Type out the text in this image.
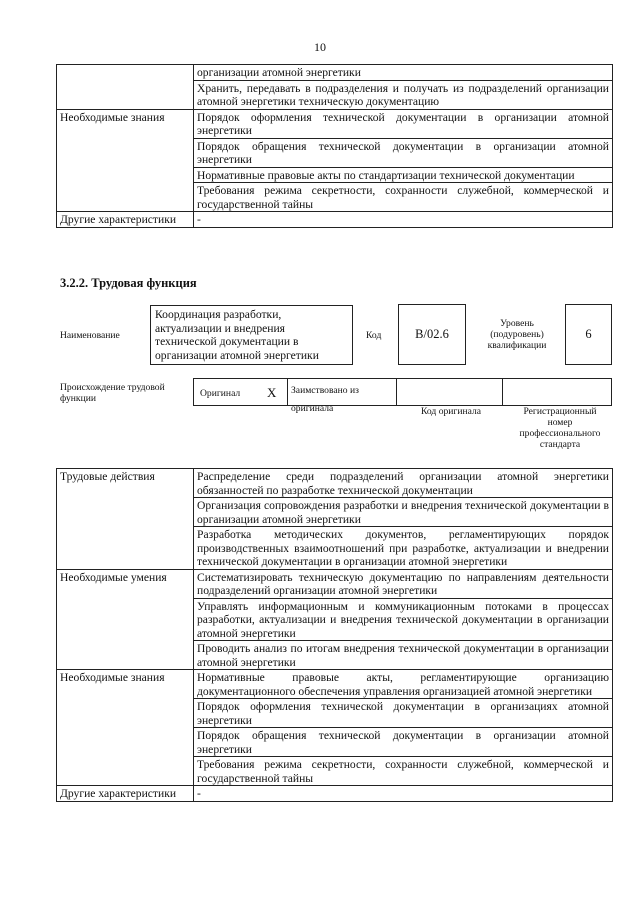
10
	организации атомной энергетики
	Хранить, передавать в подразделения и получать из подразделений организации атомной энергетики техническую документацию
Необходимые знания	Порядок оформления технической документации в организации атомной энергетики
	Порядок обращения технической документации в организации атомной энергетики
	Нормативные правовые акты по стандартизации технической документации
	Требования режима секретности, сохранности служебной, коммерческой и государственной тайны
Другие характеристики	-
3.2.2. Трудовая функция
Наименование
Координация разработки, актуализации и внедрения технической документации в организации атомной энергетики
Код	B/02.6
Уровень (подуровень) квалификации
6
Происхождение трудовой функции	Оригинал X	Заимствовано из оригинала	Код оригинала	Регистрационный номер профессионального стандарта
Трудовые действия	Распределение среди подразделений организации атомной энергетики обязанностей по разработке технической документации
	Организация сопровождения разработки и внедрения технической документации в организации атомной энергетики
	Разработка методических документов, регламентирующих порядок производственных взаимоотношений при разработке, актуализации и внедрении технической документации в организации атомной энергетики
Необходимые умения	Систематизировать техническую документацию по направлениям деятельности подразделений организации атомной энергетики
	Управлять информационным и коммуникационным потоками в процессах разработки, актуализации и внедрения технической документации в организации атомной энергетики
	Проводить анализ по итогам внедрения технической документации в организации атомной энергетики
Необходимые знания	Нормативные правовые акты, регламентирующие организацию документационного обеспечения управления организацией атомной энергетики
	Порядок оформления технической документации в организациях атомной энергетики
	Порядок обращения технической документации в организации атомной энергетики
	Требования режима секретности, сохранности служебной, коммерческой и государственной тайны
Другие характеристики	-
